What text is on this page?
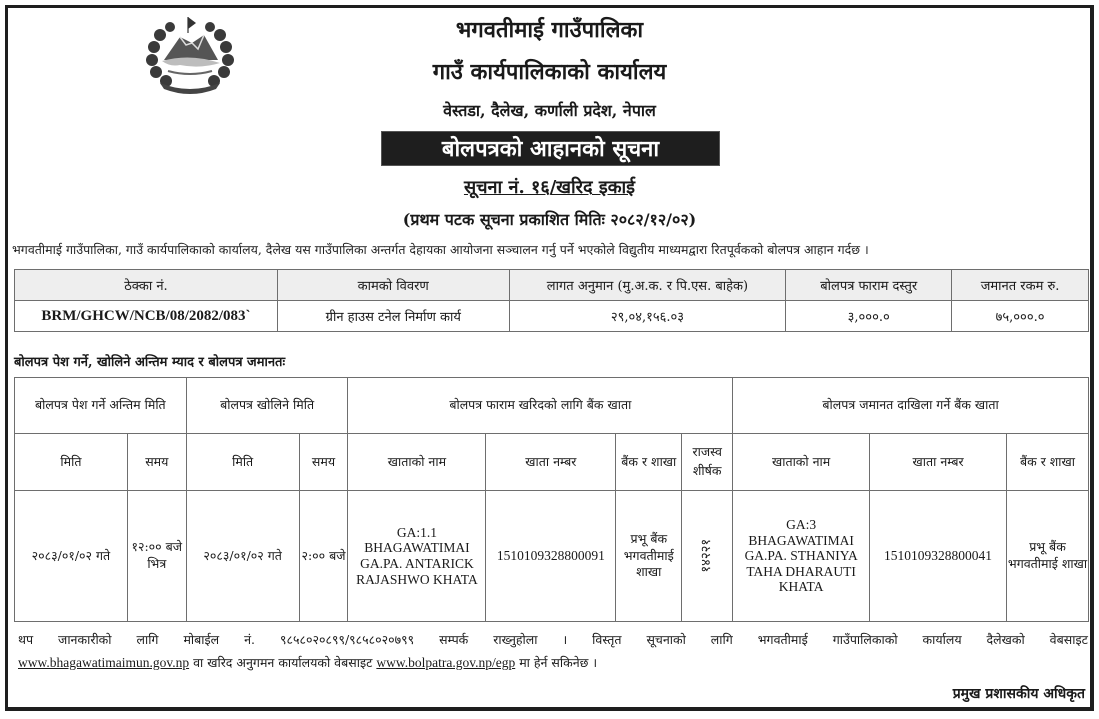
भगवतीमाई गाउँपालिका
गाउँ कार्यपालिकाको कार्यालय
वेस्तडा, दैलेख, कर्णाली प्रदेश, नेपाल
बोलपत्रको आहानको सूचना
सूचना नं. १६/खरिद इकाई
(प्रथम पटक सूचना प्रकाशित मितिः २०८२/१२/०२)
भगवतीमाई गाउँपालिका, गाउँ कार्यपालिकाको कार्यालय, दैलेख यस गाउँपालिका अन्तर्गत देहायका आयोजना सञ्चालन गर्नु पर्ने भएकोले विद्युतीय माध्यमद्वारा रितपूर्वकको बोलपत्र आहान गर्दछ ।
ठेक्का नं.	कामको विवरण	लागत अनुमान (मु.अ.क. र पि.एस. बाहेक)	बोलपत्र फाराम दस्तुर	जमानत रकम रु.
BRM/GHCW/NCB/08/2082/083`	ग्रीन हाउस टनेल निर्माण कार्य	२९,०४,१५६.०३	३,०००.०	७५,०००.०
बोलपत्र पेश गर्ने, खोलिने अन्तिम म्याद र बोलपत्र जमानतः
बोलपत्र पेश गर्ने अन्तिम मिति		बोलपत्र खोलिने मिति		बोलपत्र फाराम खरिदको लागि बैंक खाता				बोलपत्र जमानत दाखिला गर्ने बैंक खाता		
मिति	समय	मिति	समय	खाताको नाम	खाता नम्बर	बैंक र शाखा	राजस्व शीर्षक	खाताको नाम	खाता नम्बर	बैंक र शाखा
२०८३/०१/०२ गते	१२:०० बजे भित्र	२०८३/०१/०२ गते	२:०० बजे	GA:1.1 BHAGAWATIMAI GA.PA. ANTARICK RAJASHWO KHATA	1510109328800091	प्रभू बैंक भगवतीमाई शाखा	१४२२१	GA:3 BHAGAWATIMAI GA.PA. STHANIYA TAHA DHARAUTI KHATA	1510109328800041	प्रभू बैंक भगवतीमाई शाखा
थप जानकारीको लागि मोबाईल नं. ९८५८०२०८९९/९८५८०२०७९९ सम्पर्क राख्नुहोला । विस्तृत सूचनाको लागि भगवतीमाई गाउँपालिकाको कार्यालय दैलेखको वेबसाइट
www.bhagawatimaimun.gov.np वा खरिद अनुगमन कार्यालयको वेबसाइट www.bolpatra.gov.np/egp मा हेर्न सकिनेछ ।
प्रमुख प्रशासकीय अधिकृत
